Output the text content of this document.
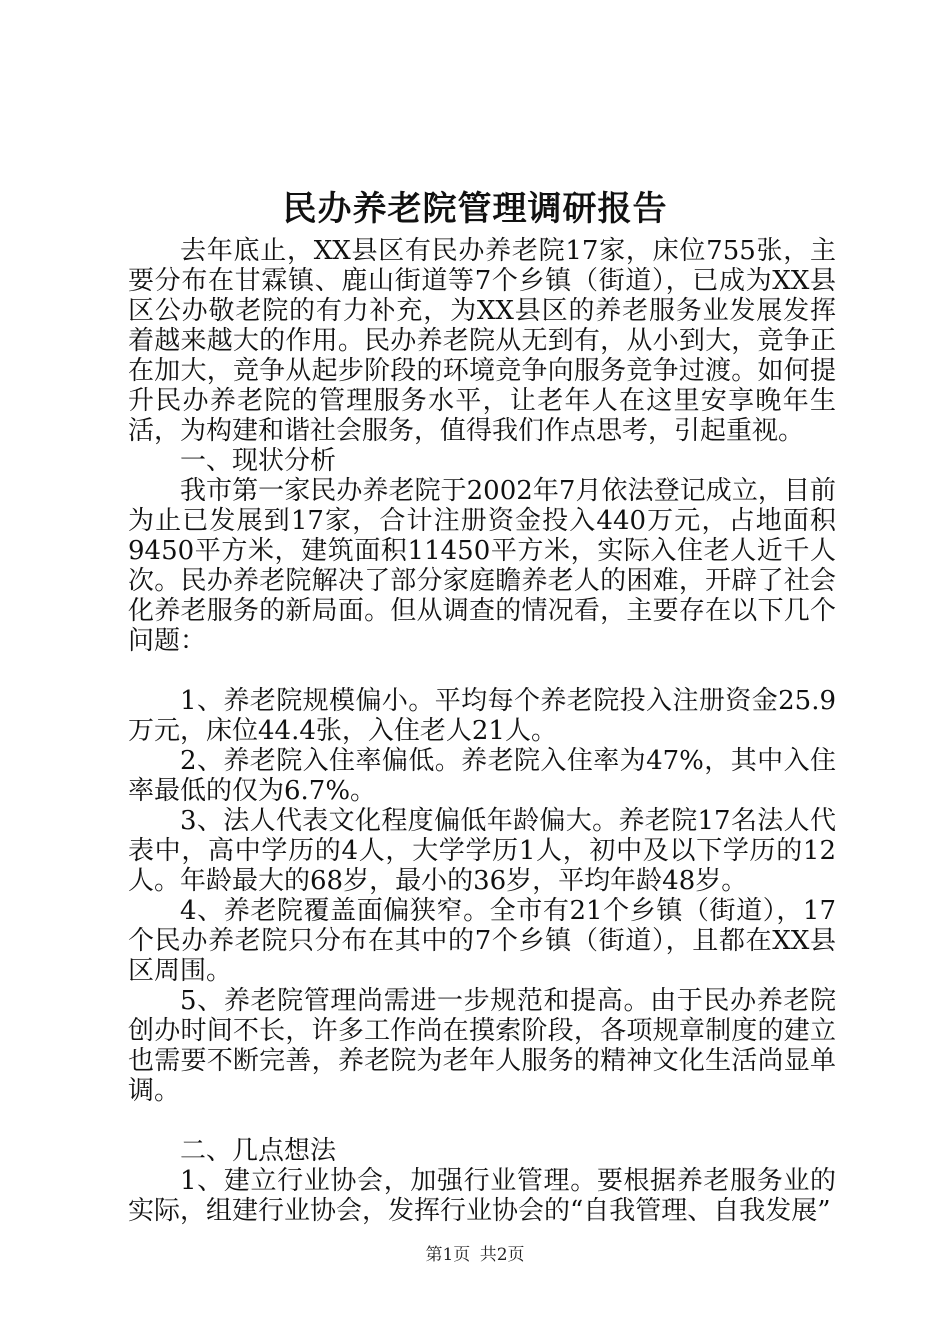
民办养老院管理调研报告

去年底止，XX县区有民办养老院17家，床位755张，主要分布在甘霖镇、鹿山街道等7个乡镇（街道），已成为XX县区公办敬老院的有力补充，为XX县区的养老服务业发展发挥着越来越大的作用。民办养老院从无到有，从小到大，竞争正在加大，竞争从起步阶段的环境竞争向服务竞争过渡。如何提升民办养老院的管理服务水平，让老年人在这里安享晚年生活，为构建和谐社会服务，值得我们作点思考，引起重视。

一、现状分析

我市第一家民办养老院于2002年7月依法登记成立，目前为止已发展到17家，合计注册资金投入440万元，占地面积9450平方米，建筑面积11450平方米，实际入住老人近千人次。民办养老院解决了部分家庭瞻养老人的困难，开辟了社会化养老服务的新局面。但从调查的情况看，主要存在以下几个问题：

1、养老院规模偏小。平均每个养老院投入注册资金25.9万元，床位44.4张，入住老人21人。

2、养老院入住率偏低。养老院入住率为47%，其中入住率最低的仅为6.7%。

3、法人代表文化程度偏低年龄偏大。养老院17名法人代表中，高中学历的4人，大学学历1人，初中及以下学历的12人。年龄最大的68岁，最小的36岁，平均年龄48岁。

4、养老院覆盖面偏狭窄。全市有21个乡镇（街道），17个民办养老院只分布在其中的7个乡镇（街道），且都在XX县区周围。

5、养老院管理尚需进一步规范和提高。由于民办养老院创办时间不长，许多工作尚在摸索阶段，各项规章制度的建立也需要不断完善，养老院为老年人服务的精神文化生活尚显单调。

二、几点想法

1、建立行业协会，加强行业管理。要根据养老服务业的实际，组建行业协会，发挥行业协会的“自我管理、自我发展”

第1页 共2页
